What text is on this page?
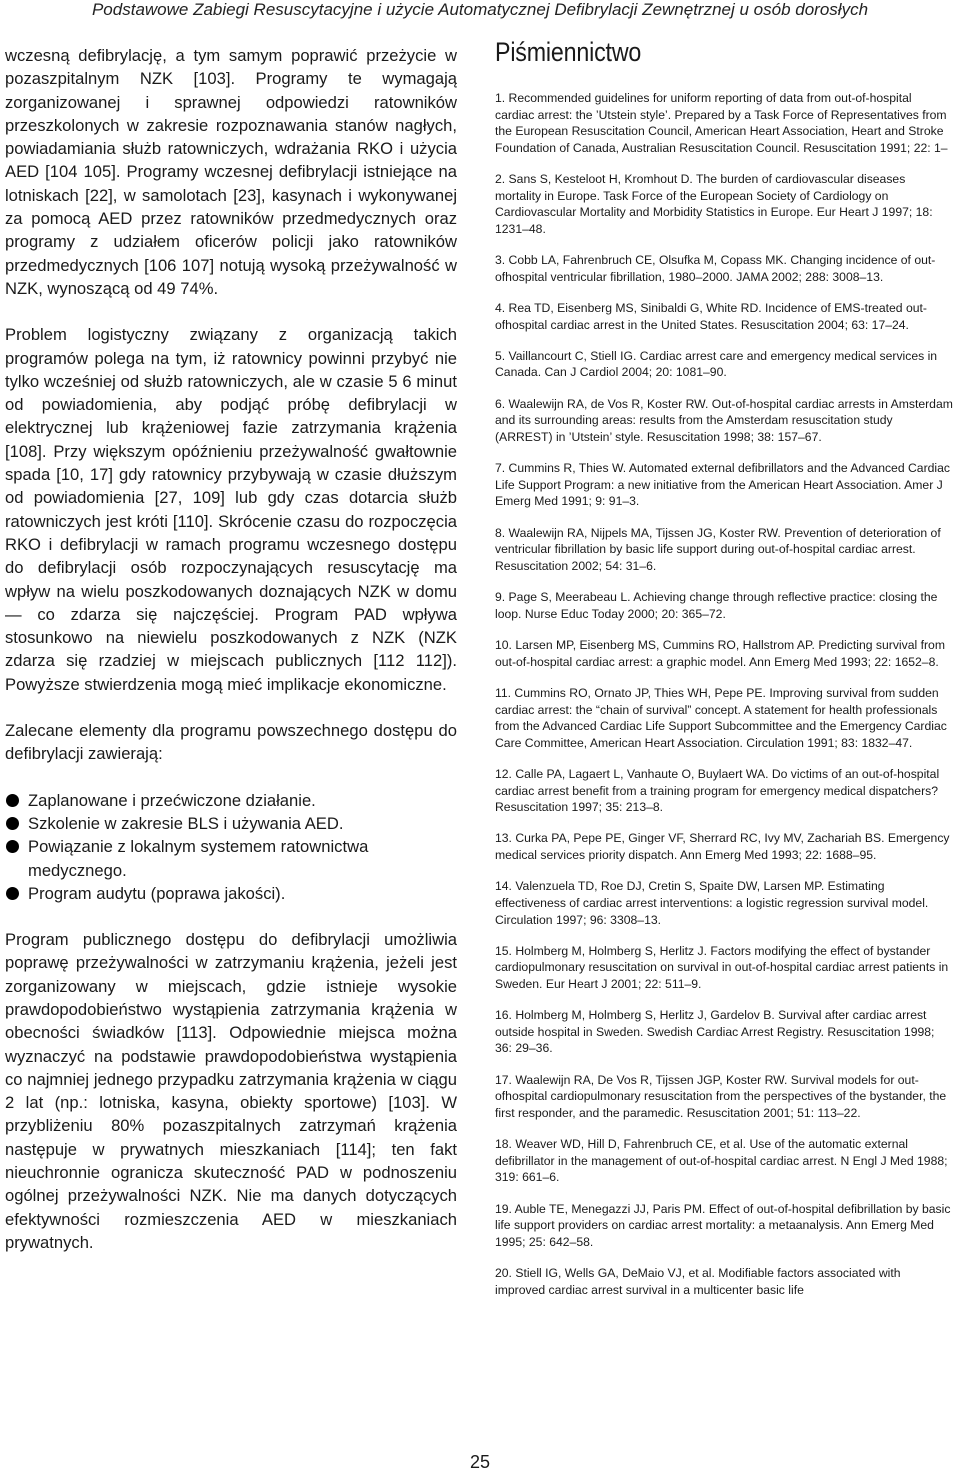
Podstawowe Zabiegi Resuscytacyjne i użycie Automatycznej Defibrylacji Zewnętrznej u osób dorosłych

wczesną defibrylację, a tym samym poprawić przeżycie w pozaszpitalnym NZK [103]. Programy te wymagają zorganizowanej i sprawnej odpowiedzi ratowników przeszkolonych w zakresie rozpoznawania stanów nagłych, powiadamiania służb ratowniczych, wdrażania RKO i użycia AED [104 105]. Programy wczesnej defibrylacji istniejące na lotniskach [22], w samolotach [23], kasynach i wykonywanej za pomocą AED przez ratowników przedmedycznych oraz programy z udziałem oficerów policji jako ratowników przedmedycznych [106 107] notują wysoką przeżywalność w NZK, wynoszącą od 49 74%.

Problem logistyczny związany z organizacją takich programów polega na tym, iż ratownicy powinni przybyć nie tylko wcześniej od służb ratowniczych, ale w czasie 5 6 minut od powiadomienia, aby podjąć próbę defibrylacji w elektrycznej lub krążeniowej fazie zatrzymania krążenia [108]. Przy większym opóźnieniu przeżywalność gwałtownie spada [10, 17] gdy ratownicy przybywają w czasie dłuższym od powiadomienia [27, 109] lub gdy czas dotarcia służb ratowniczych jest króti [110]. Skrócenie czasu do rozpoczęcia RKO i defibrylacji w ramach programu wczesnego dostępu do defibrylacji osób rozpoczynających resuscytację ma wpływ na wielu poszkodowanych doznających NZK w domu — co zdarza się najczęściej. Program PAD wpływa stosunkowo na niewielu poszkodowanych z NZK (NZK zdarza się rzadziej w miejscach publicznych [112 112]). Powyższe stwierdzenia mogą mieć implikacje ekonomiczne.

Zalecane elementy dla programu powszechnego dostępu do defibrylacji zawierają:

Zaplanowane i przećwiczone działanie.
Szkolenie w zakresie BLS i używania AED.
Powiązanie z lokalnym systemem ratownictwa medycznego.
Program audytu (poprawa jakości).

Program publicznego dostępu do defibrylacji umożliwia poprawę przeżywalności w zatrzymaniu krążenia, jeżeli jest zorganizowany w miejscach, gdzie istnieje wysokie prawdopodobieństwo wystąpienia zatrzymania krążenia w obecności świadków [113]. Odpowiednie miejsca można wyznaczyć na podstawie prawdopodobieństwa wystąpienia co najmniej jednego przypadku zatrzymania krążenia w ciągu 2 lat (np.: lotniska, kasyna, obiekty sportowe) [103]. W przybliżeniu 80% pozaszpitalnych zatrzymań krążenia następuje w prywatnych mieszkaniach [114]; ten fakt nieuchronnie ogranicza skuteczność PAD w podnoszeniu ogólnej przeżywalności NZK. Nie ma danych dotyczących efektywności rozmieszczenia AED w mieszkaniach prywatnych.

Piśmiennictwo
1. Recommended guidelines for uniform reporting of data from out-of-hospital cardiac arrest: the ’Utstein style’. Prepared by a Task Force of Representatives from the European Resuscitation Council, American Heart Association, Heart and Stroke Foundation of Canada, Australian Resuscitation Council. Resuscitation 1991; 22: 1–
2. Sans S, Kesteloot H, Kromhout D. The burden of cardiovascular diseases mortality in Europe. Task Force of the European Society of Cardiology on Cardiovascular Mortality and Morbidity Statistics in Europe. Eur Heart J 1997; 18: 1231–48.
3. Cobb LA, Fahrenbruch CE, Olsufka M, Copass MK. Changing incidence of out-ofhospital ventricular fibrillation, 1980–2000. JAMA 2002; 288: 3008–13.
4. Rea TD, Eisenberg MS, Sinibaldi G, White RD. Incidence of EMS-treated out-ofhospital cardiac arrest in the United States. Resuscitation 2004; 63: 17–24.
5. Vaillancourt C, Stiell IG. Cardiac arrest care and emergency medical services in Canada. Can J Cardiol 2004; 20: 1081–90.
6. Waalewijn RA, de Vos R, Koster RW. Out-of-hospital cardiac arrests in Amsterdam and its surrounding areas: results from the Amsterdam resuscitation study (ARREST) in ’Utstein’ style. Resuscitation 1998; 38: 157–67.
7. Cummins R, Thies W. Automated external defibrillators and the Advanced Cardiac Life Support Program: a new initiative from the American Heart Association. Amer J Emerg Med 1991; 9: 91–3.
8. Waalewijn RA, Nijpels MA, Tijssen JG, Koster RW. Prevention of deterioration of ventricular fibrillation by basic life support during out-of-hospital cardiac arrest. Resuscitation 2002; 54: 31–6.
9. Page S, Meerabeau L. Achieving change through reflective practice: closing the loop. Nurse Educ Today 2000; 20: 365–72.
10. Larsen MP, Eisenberg MS, Cummins RO, Hallstrom AP. Predicting survival from out-of-hospital cardiac arrest: a graphic model. Ann Emerg Med 1993; 22: 1652–8.
11. Cummins RO, Ornato JP, Thies WH, Pepe PE. Improving survival from sudden cardiac arrest: the “chain of survival” concept. A statement for health professionals from the Advanced Cardiac Life Support Subcommittee and the Emergency Cardiac Care Committee, American Heart Association. Circulation 1991; 83: 1832–47.
12. Calle PA, Lagaert L, Vanhaute O, Buylaert WA. Do victims of an out-of-hospital cardiac arrest benefit from a training program for emergency medical dispatchers? Resuscitation 1997; 35: 213–8.
13. Curka PA, Pepe PE, Ginger VF, Sherrard RC, Ivy MV, Zachariah BS. Emergency medical services priority dispatch. Ann Emerg Med 1993; 22: 1688–95.
14. Valenzuela TD, Roe DJ, Cretin S, Spaite DW, Larsen MP. Estimating effectiveness of cardiac arrest interventions: a logistic regression survival model. Circulation 1997; 96: 3308–13.
15. Holmberg M, Holmberg S, Herlitz J. Factors modifying the effect of bystander cardiopulmonary resuscitation on survival in out-of-hospital cardiac arrest patients in Sweden. Eur Heart J 2001; 22: 511–9.
16. Holmberg M, Holmberg S, Herlitz J, Gardelov B. Survival after cardiac arrest outside hospital in Sweden. Swedish Cardiac Arrest Registry. Resuscitation 1998; 36: 29–36.
17. Waalewijn RA, De Vos R, Tijssen JGP, Koster RW. Survival models for out-ofhospital cardiopulmonary resuscitation from the perspectives of the bystander, the first responder, and the paramedic. Resuscitation 2001; 51: 113–22.
18. Weaver WD, Hill D, Fahrenbruch CE, et al. Use of the automatic external defibrillator in the management of out-of-hospital cardiac arrest. N Engl J Med 1988; 319: 661–6.
19. Auble TE, Menegazzi JJ, Paris PM. Effect of out-of-hospital defibrillation by basic life support providers on cardiac arrest mortality: a metaanalysis. Ann Emerg Med 1995; 25: 642–58.
20. Stiell IG, Wells GA, DeMaio VJ, et al. Modifiable factors associated with improved cardiac arrest survival in a multicenter basic life
25
